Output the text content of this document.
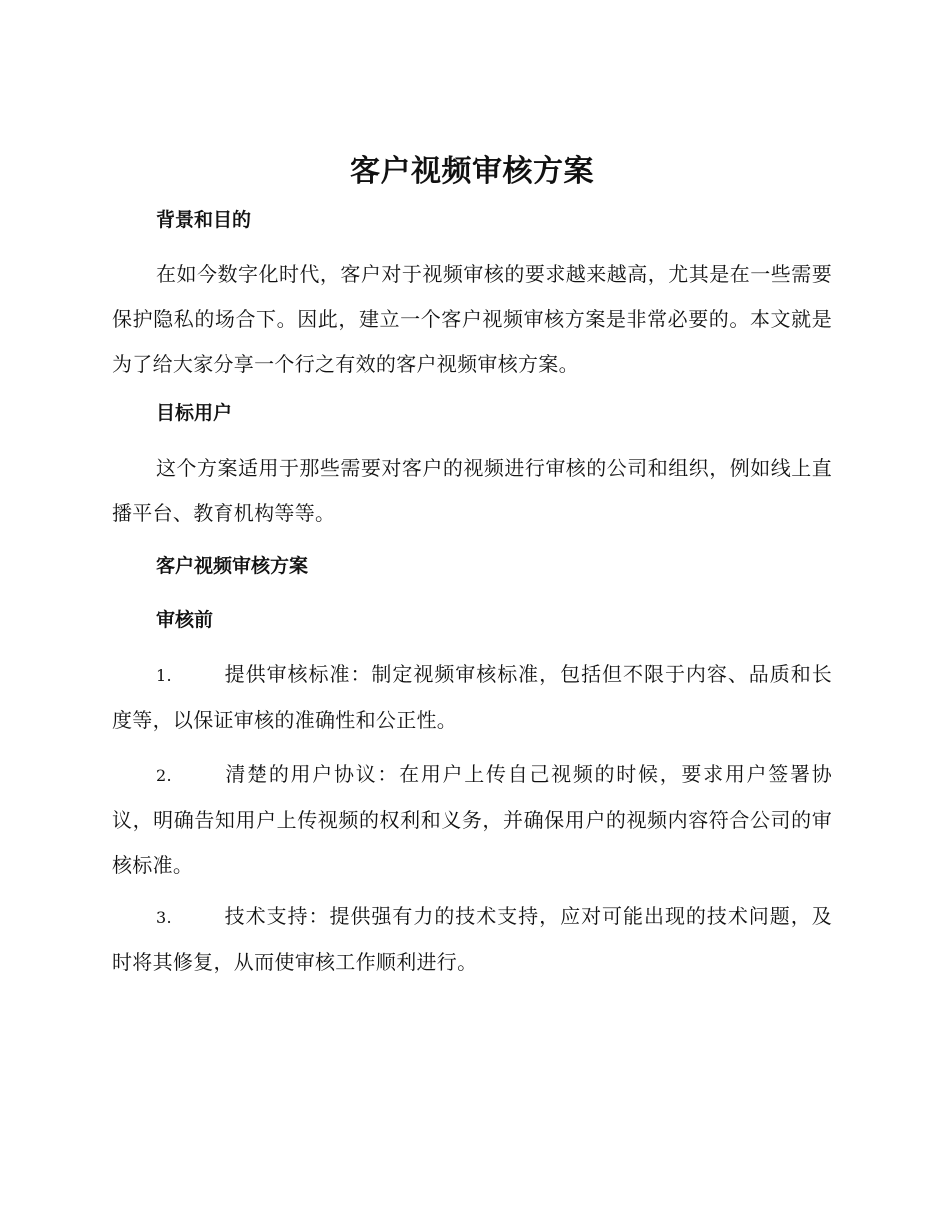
客户视频审核方案
背景和目的
在如今数字化时代，客户对于视频审核的要求越来越高，尤其是在一些需要保护隐私的场合下。因此，建立一个客户视频审核方案是非常必要的。本文就是为了给大家分享一个行之有效的客户视频审核方案。
目标用户
这个方案适用于那些需要对客户的视频进行审核的公司和组织，例如线上直播平台、教育机构等等。
客户视频审核方案
审核前
1.	提供审核标准：制定视频审核标准，包括但不限于内容、品质和长度等，以保证审核的准确性和公正性。
2.	清楚的用户协议：在用户上传自己视频的时候，要求用户签署协议，明确告知用户上传视频的权利和义务，并确保用户的视频内容符合公司的审核标准。
3.	技术支持：提供强有力的技术支持，应对可能出现的技术问题，及时将其修复，从而使审核工作顺利进行。
